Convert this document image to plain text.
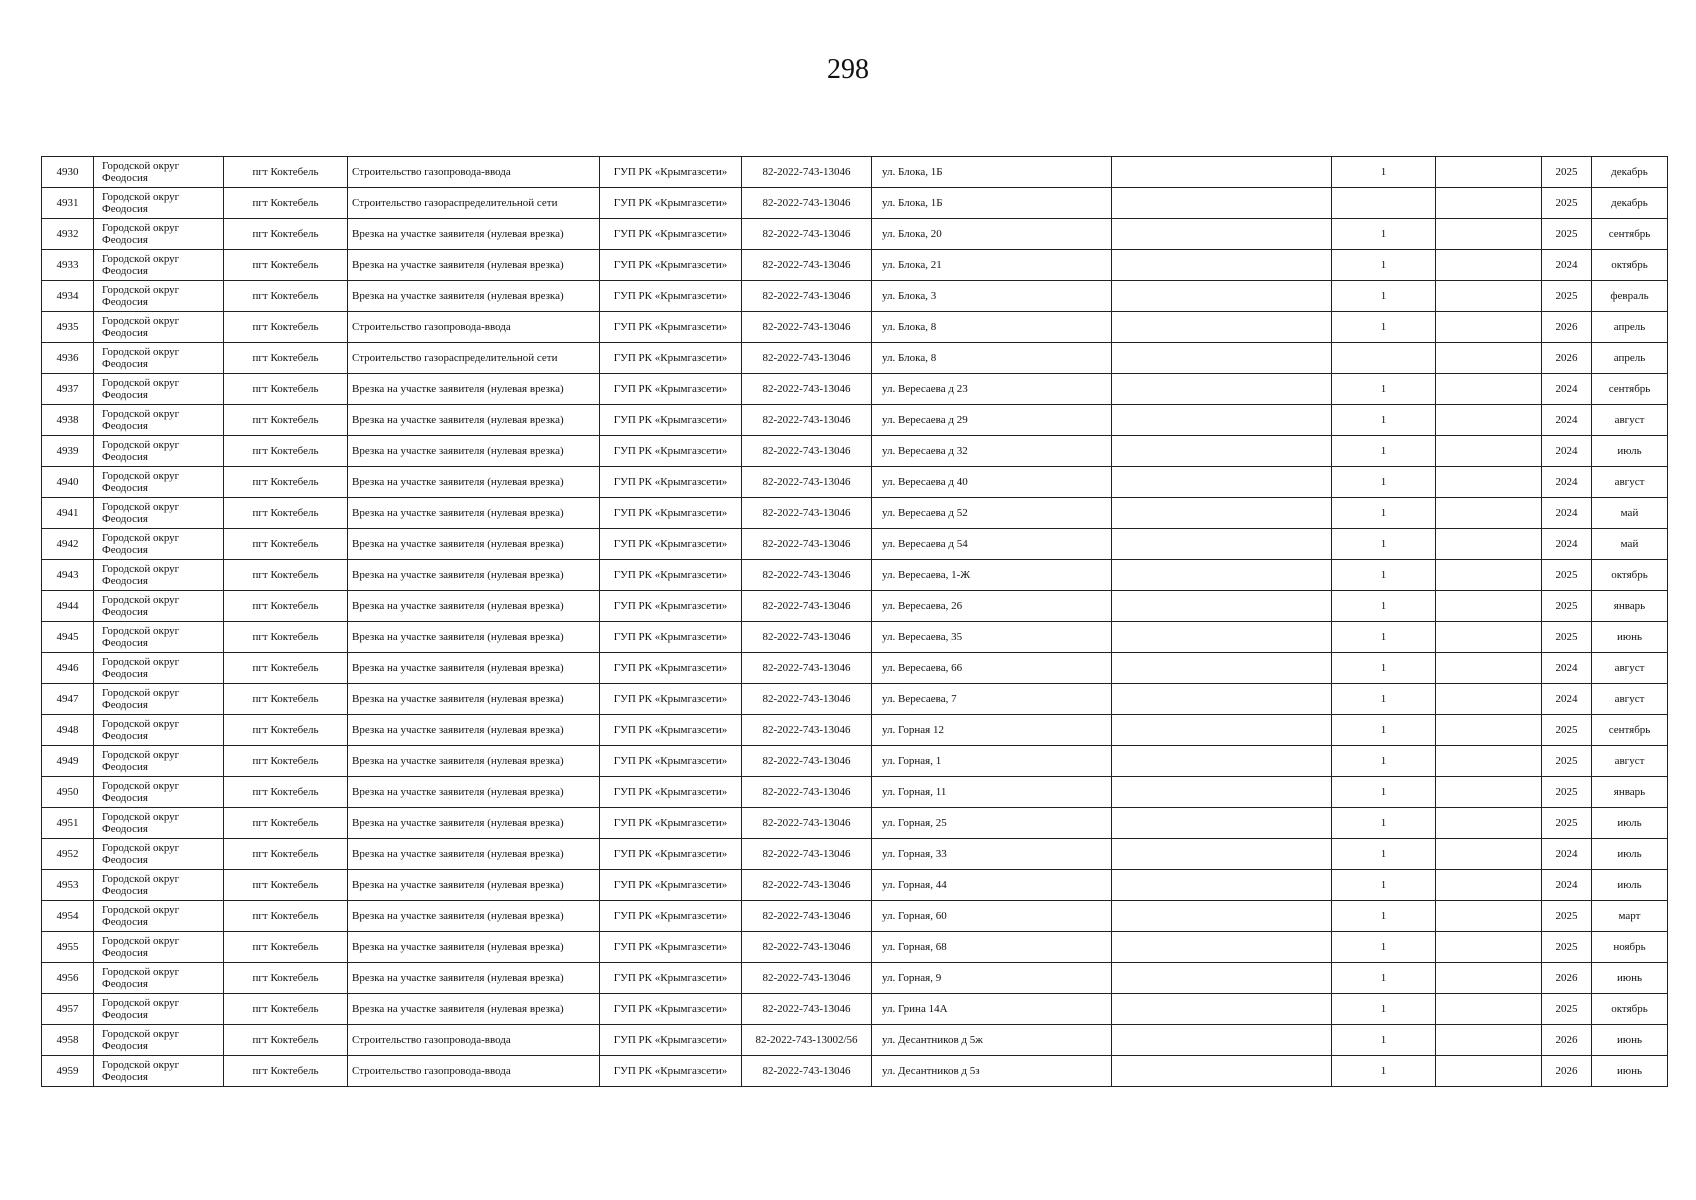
298
4930	Городской округ Феодосия	пгт Коктебель	Строительство газопровода-ввода	ГУП РК «Крымгазсети»	82-2022-743-13046	ул. Блока, 1Б		1		2025	декабрь
4931	Городской округ Феодосия	пгт Коктебель	Строительство газораспределительной сети	ГУП РК «Крымгазсети»	82-2022-743-13046	ул. Блока, 1Б				2025	декабрь
4932	Городской округ Феодосия	пгт Коктебель	Врезка на участке заявителя (нулевая врезка)	ГУП РК «Крымгазсети»	82-2022-743-13046	ул. Блока, 20		1		2025	сентябрь
4933	Городской округ Феодосия	пгт Коктебель	Врезка на участке заявителя (нулевая врезка)	ГУП РК «Крымгазсети»	82-2022-743-13046	ул. Блока, 21		1		2024	октябрь
4934	Городской округ Феодосия	пгт Коктебель	Врезка на участке заявителя (нулевая врезка)	ГУП РК «Крымгазсети»	82-2022-743-13046	ул. Блока, 3		1		2025	февраль
4935	Городской округ Феодосия	пгт Коктебель	Строительство газопровода-ввода	ГУП РК «Крымгазсети»	82-2022-743-13046	ул. Блока, 8		1		2026	апрель
4936	Городской округ Феодосия	пгт Коктебель	Строительство газораспределительной сети	ГУП РК «Крымгазсети»	82-2022-743-13046	ул. Блока, 8				2026	апрель
4937	Городской округ Феодосия	пгт Коктебель	Врезка на участке заявителя (нулевая врезка)	ГУП РК «Крымгазсети»	82-2022-743-13046	ул. Вересаева д 23		1		2024	сентябрь
4938	Городской округ Феодосия	пгт Коктебель	Врезка на участке заявителя (нулевая врезка)	ГУП РК «Крымгазсети»	82-2022-743-13046	ул. Вересаева д 29		1		2024	август
4939	Городской округ Феодосия	пгт Коктебель	Врезка на участке заявителя (нулевая врезка)	ГУП РК «Крымгазсети»	82-2022-743-13046	ул. Вересаева д 32		1		2024	июль
4940	Городской округ Феодосия	пгт Коктебель	Врезка на участке заявителя (нулевая врезка)	ГУП РК «Крымгазсети»	82-2022-743-13046	ул. Вересаева д 40		1		2024	август
4941	Городской округ Феодосия	пгт Коктебель	Врезка на участке заявителя (нулевая врезка)	ГУП РК «Крымгазсети»	82-2022-743-13046	ул. Вересаева д 52		1		2024	май
4942	Городской округ Феодосия	пгт Коктебель	Врезка на участке заявителя (нулевая врезка)	ГУП РК «Крымгазсети»	82-2022-743-13046	ул. Вересаева д 54		1		2024	май
4943	Городской округ Феодосия	пгт Коктебель	Врезка на участке заявителя (нулевая врезка)	ГУП РК «Крымгазсети»	82-2022-743-13046	ул. Вересаева, 1-Ж		1		2025	октябрь
4944	Городской округ Феодосия	пгт Коктебель	Врезка на участке заявителя (нулевая врезка)	ГУП РК «Крымгазсети»	82-2022-743-13046	ул. Вересаева, 26		1		2025	январь
4945	Городской округ Феодосия	пгт Коктебель	Врезка на участке заявителя (нулевая врезка)	ГУП РК «Крымгазсети»	82-2022-743-13046	ул. Вересаева, 35		1		2025	июнь
4946	Городской округ Феодосия	пгт Коктебель	Врезка на участке заявителя (нулевая врезка)	ГУП РК «Крымгазсети»	82-2022-743-13046	ул. Вересаева, 66		1		2024	август
4947	Городской округ Феодосия	пгт Коктебель	Врезка на участке заявителя (нулевая врезка)	ГУП РК «Крымгазсети»	82-2022-743-13046	ул. Вересаева, 7		1		2024	август
4948	Городской округ Феодосия	пгт Коктебель	Врезка на участке заявителя (нулевая врезка)	ГУП РК «Крымгазсети»	82-2022-743-13046	ул. Горная 12		1		2025	сентябрь
4949	Городской округ Феодосия	пгт Коктебель	Врезка на участке заявителя (нулевая врезка)	ГУП РК «Крымгазсети»	82-2022-743-13046	ул. Горная, 1		1		2025	август
4950	Городской округ Феодосия	пгт Коктебель	Врезка на участке заявителя (нулевая врезка)	ГУП РК «Крымгазсети»	82-2022-743-13046	ул. Горная, 11		1		2025	январь
4951	Городской округ Феодосия	пгт Коктебель	Врезка на участке заявителя (нулевая врезка)	ГУП РК «Крымгазсети»	82-2022-743-13046	ул. Горная, 25		1		2025	июль
4952	Городской округ Феодосия	пгт Коктебель	Врезка на участке заявителя (нулевая врезка)	ГУП РК «Крымгазсети»	82-2022-743-13046	ул. Горная, 33		1		2024	июль
4953	Городской округ Феодосия	пгт Коктебель	Врезка на участке заявителя (нулевая врезка)	ГУП РК «Крымгазсети»	82-2022-743-13046	ул. Горная, 44		1		2024	июль
4954	Городской округ Феодосия	пгт Коктебель	Врезка на участке заявителя (нулевая врезка)	ГУП РК «Крымгазсети»	82-2022-743-13046	ул. Горная, 60		1		2025	март
4955	Городской округ Феодосия	пгт Коктебель	Врезка на участке заявителя (нулевая врезка)	ГУП РК «Крымгазсети»	82-2022-743-13046	ул. Горная, 68		1		2025	ноябрь
4956	Городской округ Феодосия	пгт Коктебель	Врезка на участке заявителя (нулевая врезка)	ГУП РК «Крымгазсети»	82-2022-743-13046	ул. Горная, 9		1		2026	июнь
4957	Городской округ Феодосия	пгт Коктебель	Врезка на участке заявителя (нулевая врезка)	ГУП РК «Крымгазсети»	82-2022-743-13046	ул. Грина 14А		1		2025	октябрь
4958	Городской округ Феодосия	пгт Коктебель	Строительство газопровода-ввода	ГУП РК «Крымгазсети»	82-2022-743-13002/56	ул. Десантников д 5ж		1		2026	июнь
4959	Городской округ Феодосия	пгт Коктебель	Строительство газопровода-ввода	ГУП РК «Крымгазсети»	82-2022-743-13046	ул. Десантников д 5з		1		2026	июнь
